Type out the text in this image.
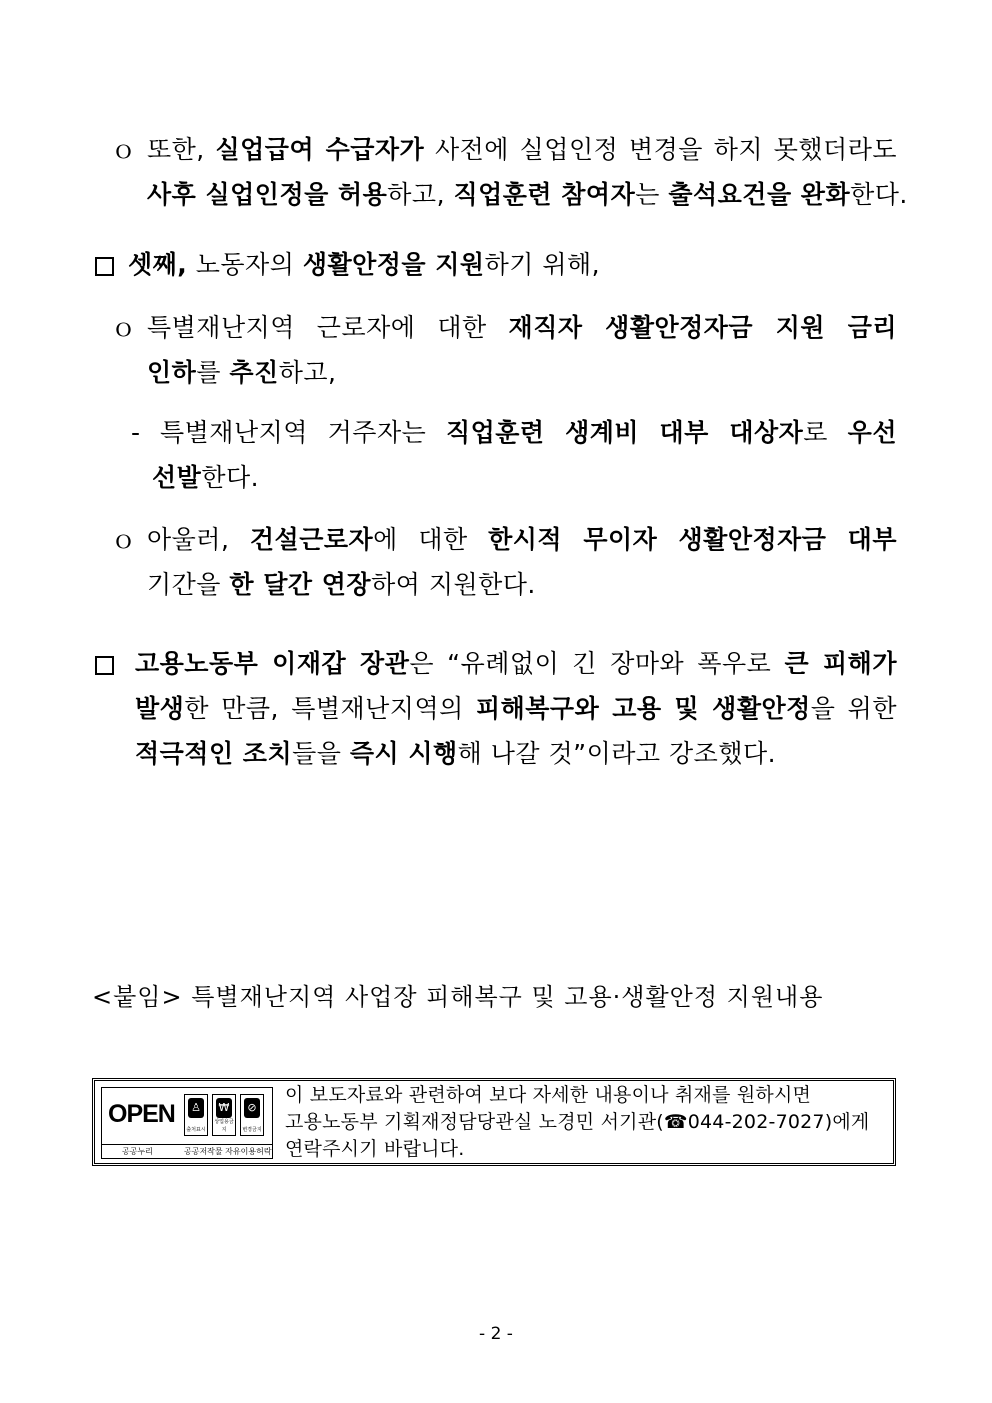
ｏ 또한, 실업급여 수급자가 사전에 실업인정 변경을 하지 못했더라도
사후 실업인정을 허용하고, 직업훈련 참여자는 출석요건을 완화한다.
셋째, 노동자의 생활안정을 지원하기 위해,
ｏ 특별재난지역 근로자에 대한 재직자 생활안정자금 지원 금리
인하를 추진하고,
- 특별재난지역 거주자는 직업훈련 생계비 대부 대상자로 우선
선발한다.
ｏ 아울러, 건설근로자에 대한 한시적 무이자 생활안정자금 대부
기간을 한 달간 연장하여 지원한다.
고용노동부 이재갑 장관은 “유례없이 긴 장마와 폭우로 큰 피해가
발생한 만큼, 특별재난지역의 피해복구와 고용 및 생활안정을 위한
적극적인 조치들을 즉시 시행해 나갈 것”이라고 강조했다.
<붙임> 특별재난지역 사업장 피해복구 및 고용·생활안정 지원내용
OPEN ♙
출처표시
₩
상업용금지
⊘
변경금지
공공누리	공공저작물 자유이용허락
이 보도자료와 관련하여 보다 자세한 내용이나 취재를 원하시면
고용노동부 기획재정담당관실 노경민 서기관(☎044-202-7027)에게
연락주시기 바랍니다.
- 2 -
